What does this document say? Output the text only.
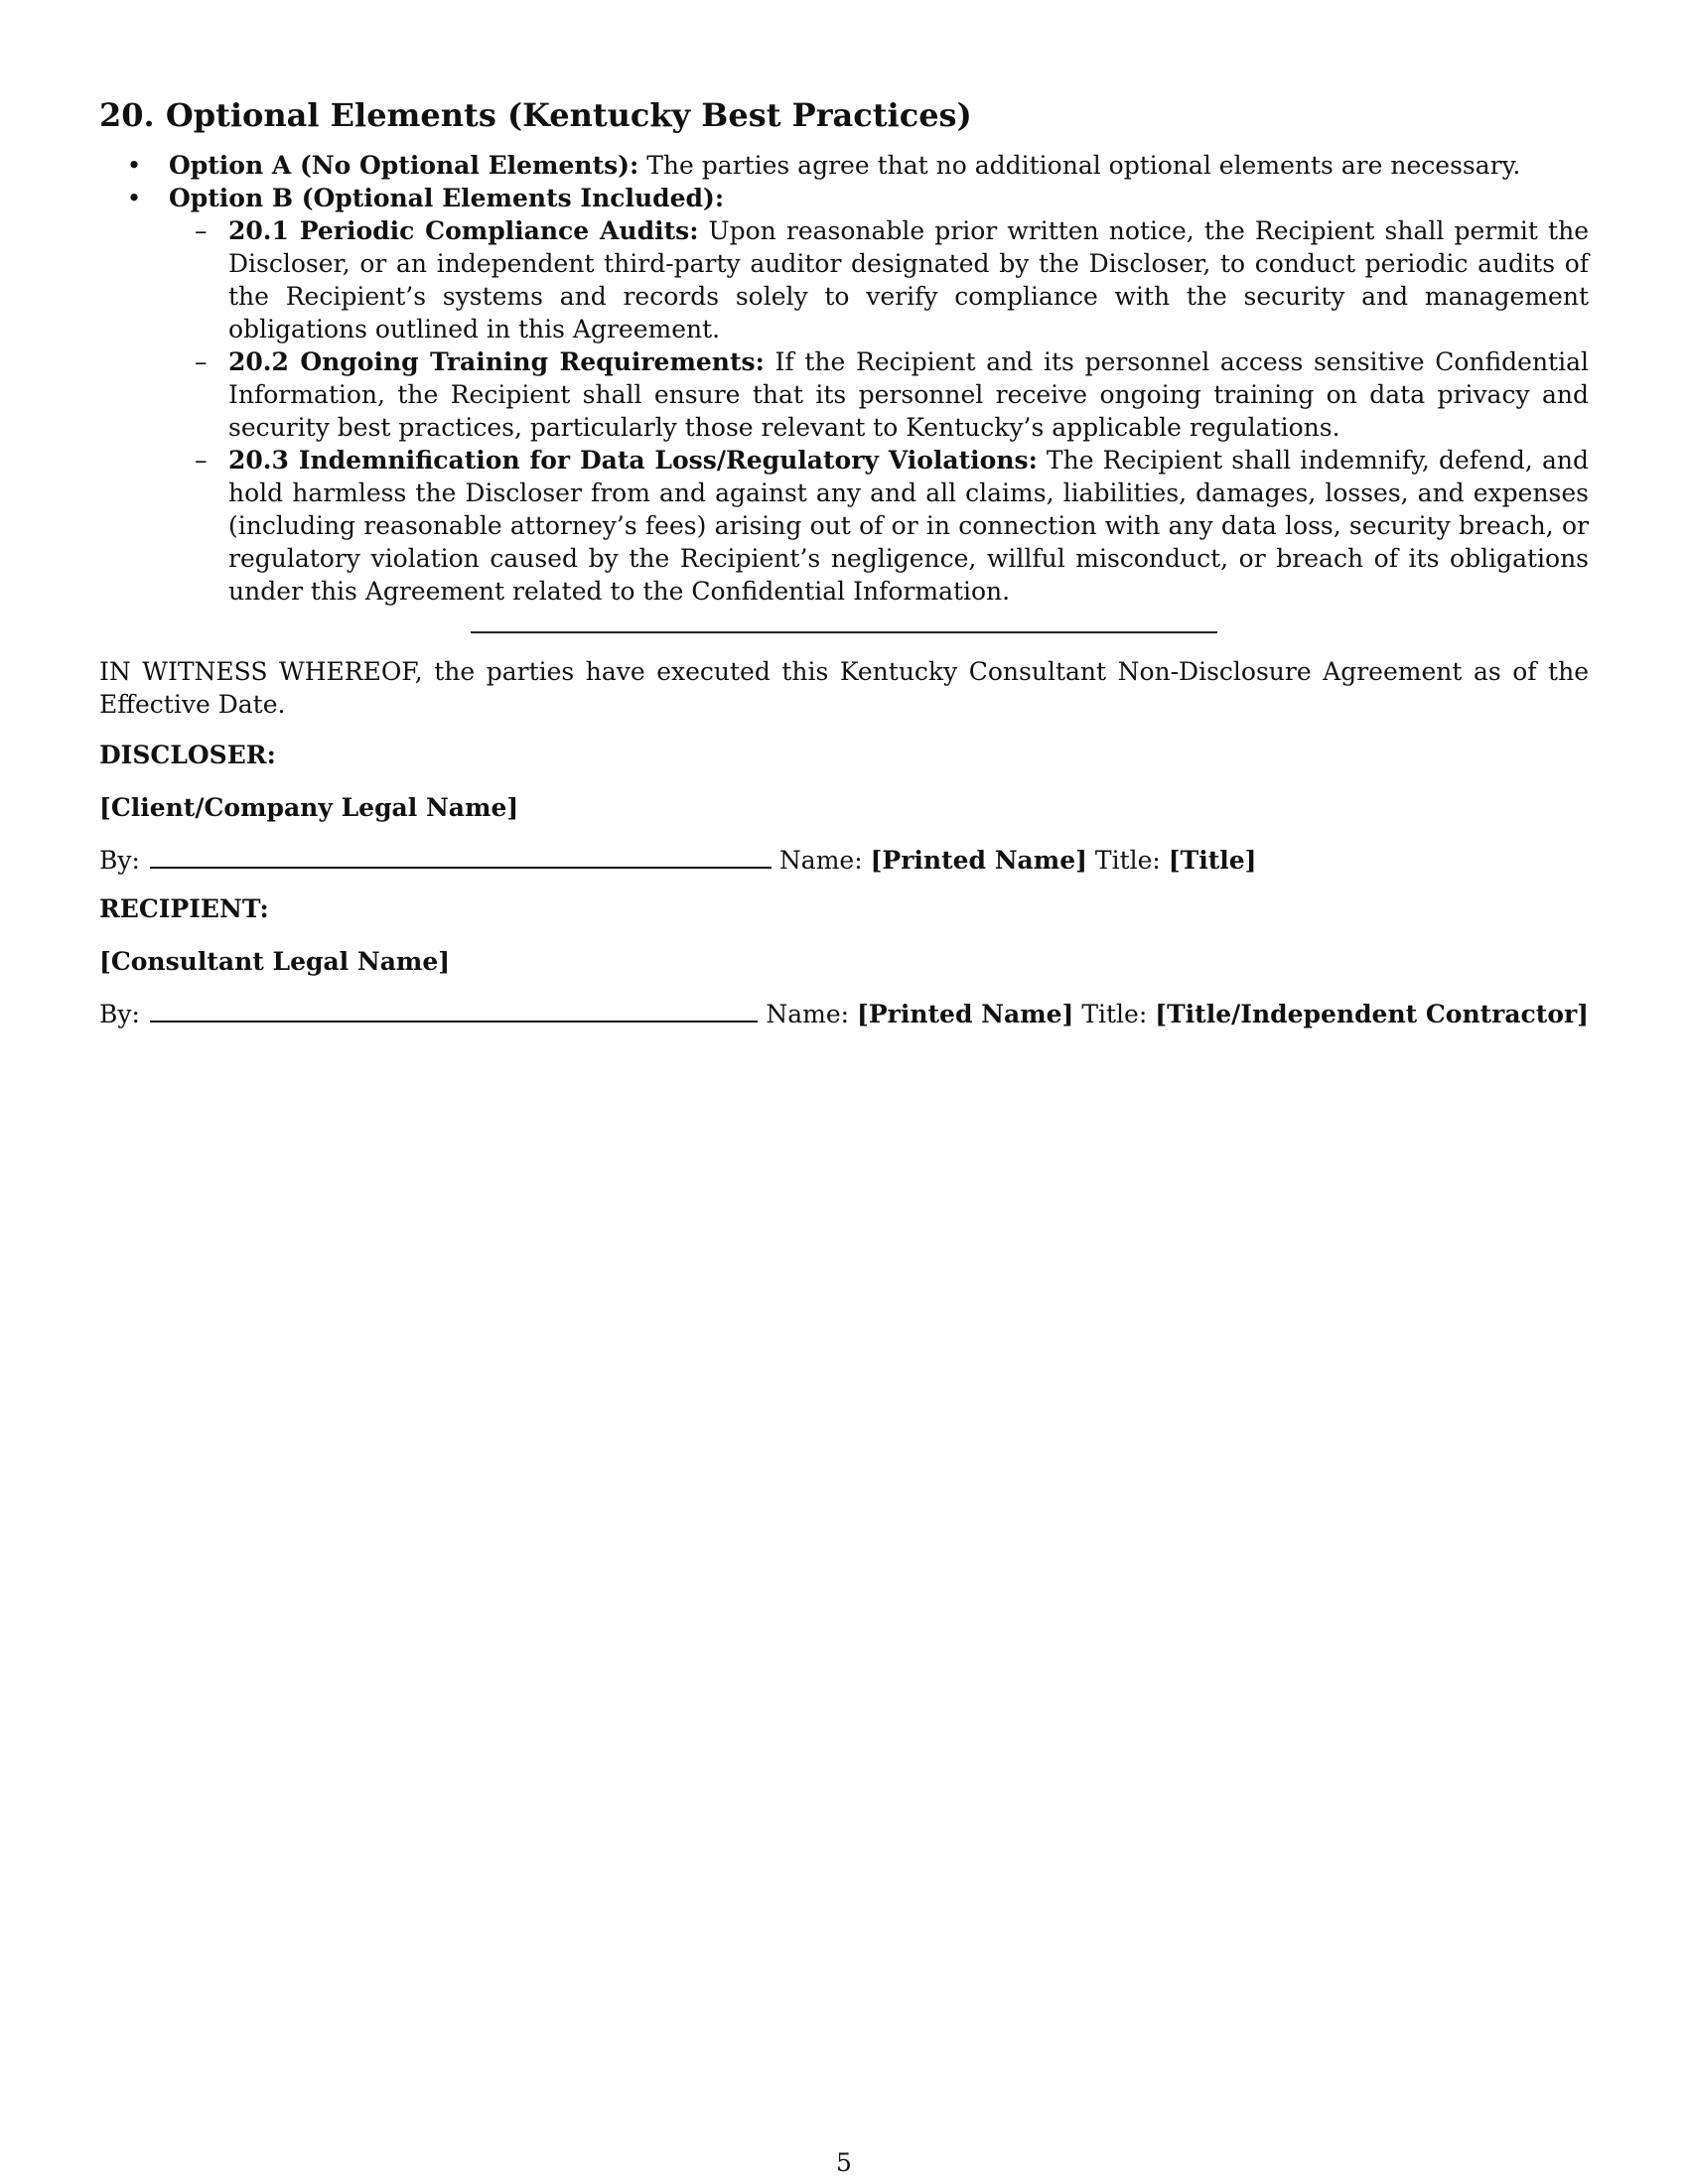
20. Optional Elements (Kentucky Best Practices)
•	Option A (No Optional Elements): The parties agree that no additional optional elements are necessary.
•	Option B (Optional Elements Included):
– 20.1 Periodic Compliance Audits: Upon reasonable prior written notice, the Recipient shall permit the Discloser, or an independent third-party auditor designated by the Discloser, to conduct periodic audits of the Recipient’s systems and records solely to verify compliance with the security and management obligations outlined in this Agreement.
– 20.2 Ongoing Training Requirements: If the Recipient and its personnel access sensitive Confidential Information, the Recipient shall ensure that its personnel receive ongoing training on data privacy and security best practices, particularly those relevant to Kentucky’s applicable regulations.
– 20.3 Indemnification for Data Loss/Regulatory Violations: The Recipient shall indemnify, defend, and hold harmless the Discloser from and against any and all claims, liabilities, damages, losses, and expenses (including reasonable attorney’s fees) arising out of or in connection with any data loss, security breach, or regulatory violation caused by the Recipient’s negligence, willful misconduct, or breach of its obligations under this Agreement related to the Confidential Information.

IN WITNESS WHEREOF, the parties have executed this Kentucky Consultant Non-Disclosure Agreement as of the Effective Date.

DISCLOSER:
[Client/Company Legal Name]
By:	Name:
[Printed Name]
Title:
[Title]
RECIPIENT:
[Consultant Legal Name]
By:	Name:
[Printed Name]
Title:
[Title/Independent Contractor]
5
